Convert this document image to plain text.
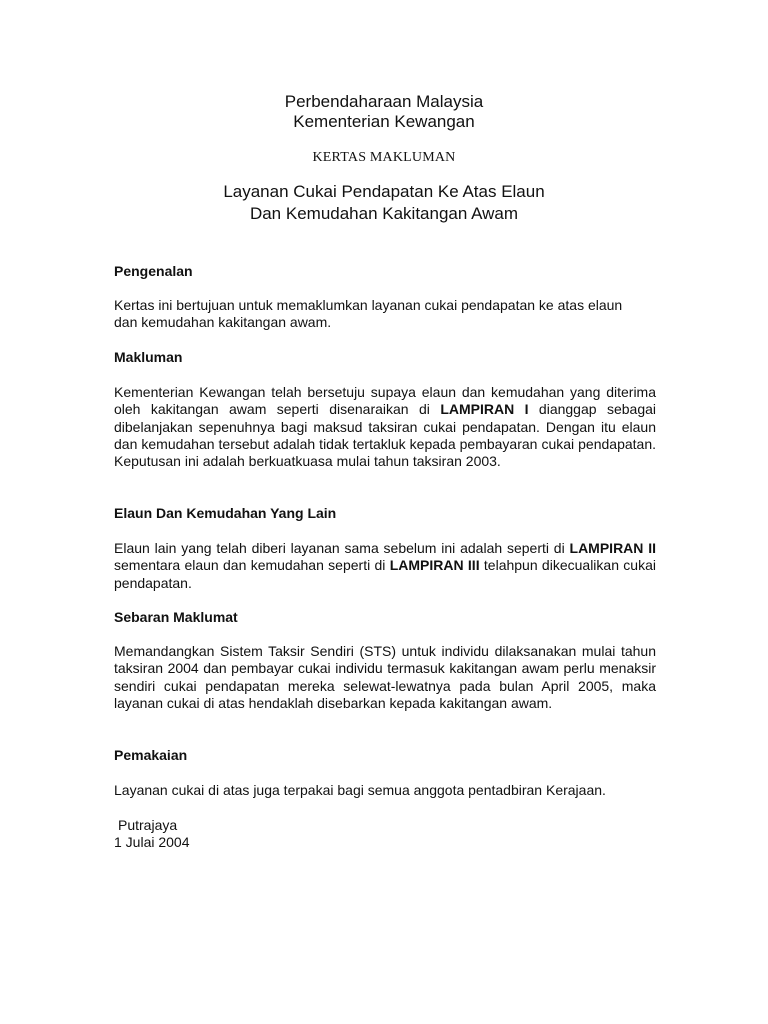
Perbendaharaan Malaysia
Kementerian Kewangan
KERTAS MAKLUMAN
Layanan Cukai Pendapatan Ke Atas Elaun
Dan Kemudahan Kakitangan Awam
Pengenalan
Kertas ini bertujuan untuk memaklumkan layanan cukai pendapatan ke atas elaun dan kemudahan kakitangan awam.
Makluman
Kementerian Kewangan telah bersetuju supaya elaun dan kemudahan yang diterima oleh kakitangan awam seperti disenaraikan di LAMPIRAN I dianggap sebagai dibelanjakan sepenuhnya bagi maksud taksiran cukai pendapatan. Dengan itu elaun dan kemudahan tersebut adalah tidak tertakluk kepada pembayaran cukai pendapatan. Keputusan ini adalah berkuatkuasa mulai tahun taksiran 2003.
Elaun Dan Kemudahan Yang Lain
Elaun lain yang telah diberi layanan sama sebelum ini adalah seperti di LAMPIRAN II sementara elaun dan kemudahan seperti di LAMPIRAN III telahpun dikecualikan cukai pendapatan.
Sebaran Maklumat
Memandangkan Sistem Taksir Sendiri (STS) untuk individu dilaksanakan mulai tahun taksiran 2004 dan pembayar cukai individu termasuk kakitangan awam perlu menaksir sendiri cukai pendapatan mereka selewat-lewatnya pada bulan April 2005, maka layanan cukai di atas hendaklah disebarkan kepada kakitangan awam.
Pemakaian
Layanan cukai di atas juga terpakai bagi semua anggota pentadbiran Kerajaan.
Putrajaya
1 Julai 2004
